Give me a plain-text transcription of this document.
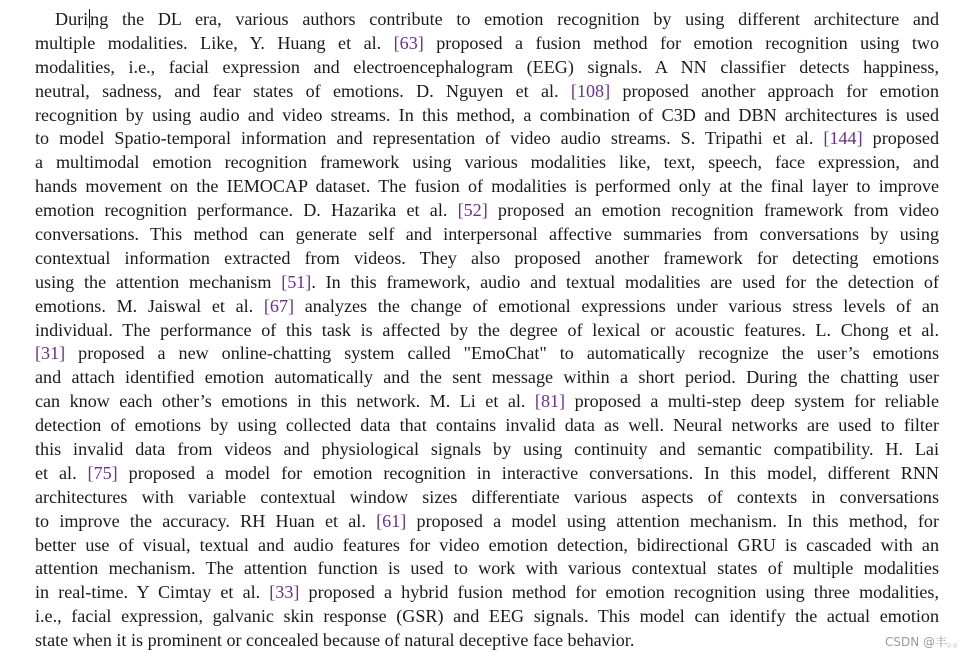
Duri ng the DL era, various authors contribute to emotion recognition by using different architecture and
multiple modalities. Like, Y. Huang et al. [63] proposed a fusion method for emotion recognition using two
modalities, i.e., facial expression and electroencephalogram (EEG) signals. A NN classifier detects happiness,
neutral, sadness, and fear states of emotions. D. Nguyen et al. [108] proposed another approach for emotion
recognition by using audio and video streams. In this method, a combination of C3D and DBN architectures is used
to model Spatio-temporal information and representation of video audio streams. S. Tripathi et al. [144] proposed
a multimodal emotion recognition framework using various modalities like, text, speech, face expression, and
hands movement on the IEMOCAP dataset. The fusion of modalities is performed only at the final layer to improve
emotion recognition performance. D. Hazarika et al. [52] proposed an emotion recognition framework from video
conversations. This method can generate self and interpersonal affective summaries from conversations by using
contextual information extracted from videos. They also proposed another framework for detecting emotions
using the attention mechanism [51]. In this framework, audio and textual modalities are used for the detection of
emotions. M. Jaiswal et al. [67] analyzes the change of emotional expressions under various stress levels of an
individual. The performance of this task is affected by the degree of lexical or acoustic features. L. Chong et al.
[31] proposed a new online-chatting system called "EmoChat" to automatically recognize the user’s emotions
and attach identified emotion automatically and the sent message within a short period. During the chatting user
can know each other’s emotions in this network. M. Li et al. [81] proposed a multi-step deep system for reliable
detection of emotions by using collected data that contains invalid data as well. Neural networks are used to filter
this invalid data from videos and physiological signals by using continuity and semantic compatibility. H. Lai
et al. [75] proposed a model for emotion recognition in interactive conversations. In this model, different RNN
architectures with variable contextual window sizes differentiate various aspects of contexts in conversations
to improve the accuracy. RH Huan et al. [61] proposed a model using attention mechanism. In this method, for
better use of visual, textual and audio features for video emotion detection, bidirectional GRU is cascaded with an
attention mechanism. The attention function is used to work with various contextual states of multiple modalities
in real-time. Y Cimtay et al. [33] proposed a hybrid fusion method for emotion recognition using three modalities,
i.e., facial expression, galvanic skin response (GSR) and EEG signals. This model can identify the actual emotion
state when it is prominent or concealed because of natural deceptive face behavior.	CSDN @丰。。
